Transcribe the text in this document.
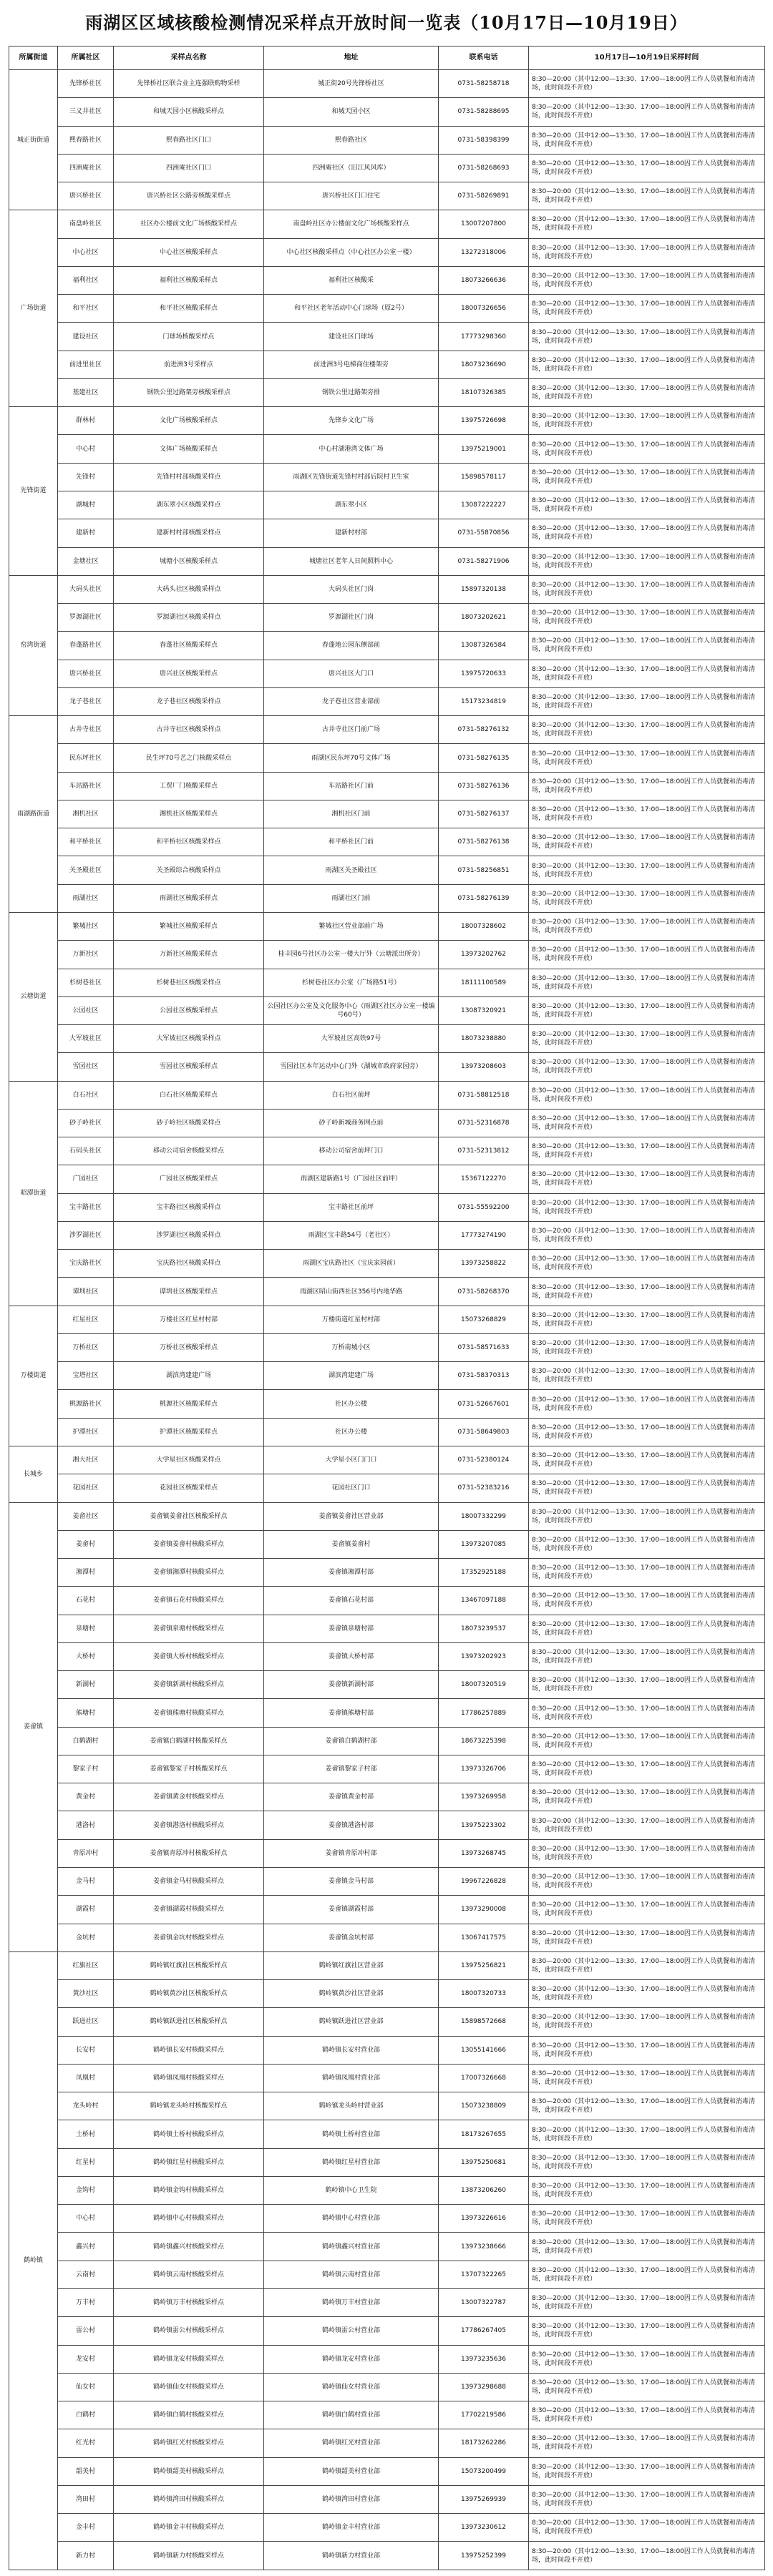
雨湖区区域核酸检测情况采样点开放时间一览表（10月17日—10月19日）
所属街道	所属社区	采样点名称	地址	联系电话	10月17日—10月19日采样时间
城正街街道	先锋桥社区	先锋桥社区联合业主连强联购物采样	城正街20号先锋桥社区	0731-58258718	8:30—20:00（其中12:00—13:30、17:00—18:00因工作人员就餐和消毒清场，此时间段不开放）
	三义井社区	和城天园小区核酸采样点	和城天园小区	0731-58288695	8:30—20:00（其中12:00—13:30、17:00—18:00因工作人员就餐和消毒清场，此时间段不开放）
	熙春路社区	熙春路社区门口	熙春路社区	0731-58398399	8:30—20:00（其中12:00—13:30、17:00—18:00因工作人员就餐和消毒清场，此时间段不开放）
	四洲庵社区	四洲庵社区门口	四洲庵社区（旧江风风库）	0731-58268693	8:30—20:00（其中12:00—13:30、17:00—18:00因工作人员就餐和消毒清场，此时间段不开放）
	唐兴桥社区	唐兴桥社区公路旁核酸采样点	唐兴桥社区门口住宅	0731-58269891	8:30—20:00（其中12:00—13:30、17:00—18:00因工作人员就餐和消毒清场，此时间段不开放）
广场街道	南盘岭社区	社区办公楼前文化广场核酸采样点	南盘岭社区办公楼前文化广场核酸采样点	13007207800	8:30—20:00（其中12:00—13:30、17:00—18:00因工作人员就餐和消毒清场，此时间段不开放）
	中心社区	中心社区核酸采样点	中心社区核酸采样点（中心社区办公室一楼）	13272318006	8:30—20:00（其中12:00—13:30、17:00—18:00因工作人员就餐和消毒清场，此时间段不开放）
	福利社区	福利社区核酸采样点	福利社区核酸采	18073266636	8:30—20:00（其中12:00—13:30、17:00—18:00因工作人员就餐和消毒清场，此时间段不开放）
	和平社区	和平社区核酸采样点	和平社区老年活动中心门球场（原2号）	18007326656	8:30—20:00（其中12:00—13:30、17:00—18:00因工作人员就餐和消毒清场，此时间段不开放）
	建设社区	门球场核酸采样点	建设社区门球场	17773298360	8:30—20:00（其中12:00—13:30、17:00—18:00因工作人员就餐和消毒清场，此时间段不开放）
	前进里社区	前进洲3号采样点	前进洲3号电梯商住楼架旁	18073236690	8:30—20:00（其中12:00—13:30、17:00—18:00因工作人员就餐和消毒清场，此时间段不开放）
	基建社区	钢铁公里过路架旁核酸采样点	钢铁公里过路架旁排	18107326385	8:30—20:00（其中12:00—13:30、17:00—18:00因工作人员就餐和消毒清场，此时间段不开放）
先锋街道	群林村	文化广场核酸采样点	先锋乡文化广场	13975726698	8:30—20:00（其中12:00—13:30、17:00—18:00因工作人员就餐和消毒清场，此时间段不开放）
	中心村	文体广场核酸采样点	中心村湖港湾文体广场	13975219001	8:30—20:00（其中12:00—13:30、17:00—18:00因工作人员就餐和消毒清场，此时间段不开放）
	先锋村	先锋村村部核酸采样点	雨湖区先锋街道先锋村村部后院村卫生室	15898578117	8:30—20:00（其中12:00—13:30、17:00—18:00因工作人员就餐和消毒清场，此时间段不开放）
	湖城村	湖东翠小区核酸采样点	湖东翠小区	13087222227	8:30—20:00（其中12:00—13:30、17:00—18:00因工作人员就餐和消毒清场，此时间段不开放）
	建新村	建新村村部核酸采样点	建新村村部	0731-55870856	8:30—20:00（其中12:00—13:30、17:00—18:00因工作人员就餐和消毒清场，此时间段不开放）
	金塘社区	城塘小区核酸采样点	城塘社区老年人日间照料中心	0731-58271906	8:30—20:00（其中12:00—13:30、17:00—18:00因工作人员就餐和消毒清场，此时间段不开放）
窑湾街道	大码头社区	大码头社区核酸采样点	大码头社区门岗	15897320138	8:30—20:00（其中12:00—13:30、17:00—18:00因工作人员就餐和消毒清场，此时间段不开放）
	罗源湖社区	罗源湖社区核酸采样点	罗源湖社区门岗	18073202621	8:30—20:00（其中12:00—13:30、17:00—18:00因工作人员就餐和消毒清场，此时间段不开放）
	春蓬路社区	春蓬社区核酸采样点	春蓬地公园东侧部前	13087326584	8:30—20:00（其中12:00—13:30、17:00—18:00因工作人员就餐和消毒清场，此时间段不开放）
	唐兴桥社区	唐兴社区核酸采样点	唐兴社区大门口	13975720633	8:30—20:00（其中12:00—13:30、17:00—18:00因工作人员就餐和消毒清场，此时间段不开放）
	龙子巷社区	龙子巷社区核酸采样点	龙子巷社区营业部前	15173234819	8:30—20:00（其中12:00—13:30、17:00—18:00因工作人员就餐和消毒清场，此时间段不开放）
雨湖路街道	古井寺社区	古井寺社区核酸采样点	古井寺社区门前广场	0731-58276132	8:30—20:00（其中12:00—13:30、17:00—18:00因工作人员就餐和消毒清场，此时间段不开放）
	民东坪社区	民生坪70号艺之门核酸采样点	雨湖区民东坪70号文体广场	0731-58276135	8:30—20:00（其中12:00—13:30、17:00—18:00因工作人员就餐和消毒清场，此时间段不开放）
	车站路社区	工贸厂门核酸采样点	车站路社区门前	0731-58276136	8:30—20:00（其中12:00—13:30、17:00—18:00因工作人员就餐和消毒清场，此时间段不开放）
	湘机社区	湘机社区核酸采样点	湘机社区门前	0731-58276137	8:30—20:00（其中12:00—13:30、17:00—18:00因工作人员就餐和消毒清场，此时间段不开放）
	和平桥社区	和平桥社区核酸采样点	和平桥社区门前	0731-58276138	8:30—20:00（其中12:00—13:30、17:00—18:00因工作人员就餐和消毒清场，此时间段不开放）
	关圣殿社区	关圣殿综合核酸采样点	雨湖区关圣殿社区	0731-58256851	8:30—20:00（其中12:00—13:30、17:00—18:00因工作人员就餐和消毒清场，此时间段不开放）
	雨湖社区	雨湖社区核酸采样点	雨湖社区门前	0731-58276139	8:30—20:00（其中12:00—13:30、17:00—18:00因工作人员就餐和消毒清场，此时间段不开放）
云塘街道	繁城社区	繁城社区核酸采样点	繁城社区营业部前广场	18007328602	8:30—20:00（其中12:00—13:30、17:00—18:00因工作人员就餐和消毒清场，此时间段不开放）
	万新社区	万新社区核酸采样点	桂丰园6号社区办公室一楼大厅外（云塘派出所旁）	13973202762	8:30—20:00（其中12:00—13:30、17:00—18:00因工作人员就餐和消毒清场，此时间段不开放）
	杉树巷社区	杉树巷社区核酸采样点	杉树巷社区办公室（广场路51号）	18111100589	8:30—20:00（其中12:00—13:30、17:00—18:00因工作人员就餐和消毒清场，此时间段不开放）
	公园社区	公园社区核酸采样点	公园社区办公室及文化服务中心（雨湖区社区办公室一楼编号60号）	13087320921	8:30—20:00（其中12:00—13:30、17:00—18:00因工作人员就餐和消毒清场，此时间段不开放）
	大军坡社区	大军坡社区核酸采样点	大军坡社区高铁97号	18073238880	8:30—20:00（其中12:00—13:30、17:00—18:00因工作人员就餐和消毒清场，此时间段不开放）
	雪园社区	雪园社区核酸采样点	雪园社区本年运动中心门外（湖城市政府家园旁）	13973208603	8:30—20:00（其中12:00—13:30、17:00—18:00因工作人员就餐和消毒清场，此时间段不开放）
昭潭街道	白石社区	白石社区核酸采样点	白石社区前坪	0731-58812518	8:30—20:00（其中12:00—13:30、17:00—18:00因工作人员就餐和消毒清场，此时间段不开放）
	砂子岭社区	砂子岭社区核酸采样点	砂子岭新城商务网点前	0731-52316878	8:30—20:00（其中12:00—13:30、17:00—18:00因工作人员就餐和消毒清场，此时间段不开放）
	石码头社区	移动公司宿舍核酸采样点	移动公司宿舍前坪门口	0731-52313812	8:30—20:00（其中12:00—13:30、17:00—18:00因工作人员就餐和消毒清场，此时间段不开放）
	广园社区	广园社区核酸采样点	雨湖区建新路1号（广园社区前坪）	15367122270	8:30—20:00（其中12:00—13:30、17:00—18:00因工作人员就餐和消毒清场，此时间段不开放）
	宝丰路社区	宝丰路社区核酸采样点	宝丰路社区前坪	0731-55592200	8:30—20:00（其中12:00—13:30、17:00—18:00因工作人员就餐和消毒清场，此时间段不开放）
	涉罗湖社区	涉罗湖社区核酸采样点	雨湖区宝丰路54号（老社区）	17773274190	8:30—20:00（其中12:00—13:30、17:00—18:00因工作人员就餐和消毒清场，此时间段不开放）
	宝庆路社区	宝庆路社区核酸采样点	雨湖区宝庆路社区（宝庆家园前）	13973258822	8:30—20:00（其中12:00—13:30、17:00—18:00因工作人员就餐和消毒清场，此时间段不开放）
	谭圳社区	谭圳社区核酸采样点	雨湖区昭山街西社区356号内地华路	0731-58268370	8:30—20:00（其中12:00—13:30、17:00—18:00因工作人员就餐和消毒清场，此时间段不开放）
万楼街道	红星社区	万楼社区红星村村部	万楼街道红星村村部	15073268829	8:30—20:00（其中12:00—13:30、17:00—18:00因工作人员就餐和消毒清场，此时间段不开放）
	万桥社区	万桥社区核酸采样点	万桥南城小区	0731-58571633	8:30—20:00（其中12:00—13:30、17:00—18:00因工作人员就餐和消毒清场，此时间段不开放）
	宝塔社区	湖滨湾建建广场	湖滨湾建建广场	0731-58370313	8:30—20:00（其中12:00—13:30、17:00—18:00因工作人员就餐和消毒清场，此时间段不开放）
	桃源路社区	桃源社区核酸采样点	社区办公楼	0731-52667601	8:30—20:00（其中12:00—13:30、17:00—18:00因工作人员就餐和消毒清场，此时间段不开放）
	护潭社区	护潭社区核酸采样点	社区办公楼	0731-58649803	8:30—20:00（其中12:00—13:30、17:00—18:00因工作人员就餐和消毒清场，此时间段不开放）
长城乡	湘大社区	大学星社区核酸采样点	大学星小区门门口	0731-52380124	8:30—20:00（其中12:00—13:30、17:00—18:00因工作人员就餐和消毒清场，此时间段不开放）
	花园社区	花园社区核酸采样点	花园社区门口	0731-52383216	8:30—20:00（其中12:00—13:30、17:00—18:00因工作人员就餐和消毒清场，此时间段不开放）
姜畲镇	姜畲社区	姜畲镇姜畲社区核酸采样点	姜畲镇姜畲社区营业部	18007332299	8:30—20:00（其中12:00—13:30、17:00—18:00因工作人员就餐和消毒清场，此时间段不开放）
	姜畲村	姜畲镇姜畲村核酸采样点	姜畲镇姜畲村	13973207085	8:30—20:00（其中12:00—13:30、17:00—18:00因工作人员就餐和消毒清场，此时间段不开放）
	湘潭村	姜畲镇湘潭村核酸采样点	姜畲镇湘潭村部	17352925188	8:30—20:00（其中12:00—13:30、17:00—18:00因工作人员就餐和消毒清场，此时间段不开放）
	石花村	姜畲镇石花村核酸采样点	姜畲镇石花村部	13467097188	8:30—20:00（其中12:00—13:30、17:00—18:00因工作人员就餐和消毒清场，此时间段不开放）
	泉塘村	姜畲镇泉塘村核酸采样点	姜畲镇泉塘村部	18073239537	8:30—20:00（其中12:00—13:30、17:00—18:00因工作人员就餐和消毒清场，此时间段不开放）
	大桥村	姜畲镇大桥村核酸采样点	姜畲镇大桥村部	13973202923	8:30—20:00（其中12:00—13:30、17:00—18:00因工作人员就餐和消毒清场，此时间段不开放）
	新湖村	姜畲镇新湖村核酸采样点	姜畲镇新湖村部	18007320519	8:30—20:00（其中12:00—13:30、17:00—18:00因工作人员就餐和消毒清场，此时间段不开放）
	熊塘村	姜畲镇熊塘村核酸采样点	姜畲镇熊塘村部	17786257889	8:30—20:00（其中12:00—13:30、17:00—18:00因工作人员就餐和消毒清场，此时间段不开放）
	白鹤湖村	姜畲镇白鹤湖村核酸采样点	姜畲镇白鹤湖村部	18673225398	8:30—20:00（其中12:00—13:30、17:00—18:00因工作人员就餐和消毒清场，此时间段不开放）
	黎家子村	姜畲镇黎家子村核酸采样点	姜畲镇黎家子村部	13973326706	8:30—20:00（其中12:00—13:30、17:00—18:00因工作人员就餐和消毒清场，此时间段不开放）
	黄金村	姜畲镇黄金村核酸采样点	姜畲镇黄金村部	13973269958	8:30—20:00（其中12:00—13:30、17:00—18:00因工作人员就餐和消毒清场，此时间段不开放）
	港洛村	姜畲镇港洛村核酸采样点	姜畲镇港洛村部	13975223302	8:30—20:00（其中12:00—13:30、17:00—18:00因工作人员就餐和消毒清场，此时间段不开放）
	青原冲村	姜畲镇青原冲村核酸采样点	姜畲镇青原冲村部	13973268745	8:30—20:00（其中12:00—13:30、17:00—18:00因工作人员就餐和消毒清场，此时间段不开放）
	金马村	姜畲镇金马村核酸采样点	姜畲镇金马村部	19967226828	8:30—20:00（其中12:00—13:30、17:00—18:00因工作人员就餐和消毒清场，此时间段不开放）
	湖霞村	姜畲镇湖霞村核酸采样点	姜畲镇湖霞村部	13973290008	8:30—20:00（其中12:00—13:30、17:00—18:00因工作人员就餐和消毒清场，此时间段不开放）
	金坑村	姜畲镇金坑村核酸采样点	姜畲镇金坑村部	13067417575	8:30—20:00（其中12:00—13:30、17:00—18:00因工作人员就餐和消毒清场，此时间段不开放）
鹤岭镇	红旗社区	鹤岭镇红旗社区核酸采样点	鹤岭镇红旗社区营业部	13975256821	8:30—20:00（其中12:00—13:30、17:00—18:00因工作人员就餐和消毒清场，此时间段不开放）
	黄沙社区	鹤岭镇黄沙社区核酸采样点	鹤岭镇黄沙社区营业部	18007320733	8:30—20:00（其中12:00—13:30、17:00—18:00因工作人员就餐和消毒清场，此时间段不开放）
	跃进社区	鹤岭镇跃进社区核酸采样点	鹤岭镇跃进社区营业部	15898572668	8:30—20:00（其中12:00—13:30、17:00—18:00因工作人员就餐和消毒清场，此时间段不开放）
	长安村	鹤岭镇长安村核酸采样点	鹤岭镇长安村营业部	13055141666	8:30—20:00（其中12:00—13:30、17:00—18:00因工作人员就餐和消毒清场，此时间段不开放）
	凤凰村	鹤岭镇凤凰村核酸采样点	鹤岭镇凤凰村营业部	17007326668	8:30—20:00（其中12:00—13:30、17:00—18:00因工作人员就餐和消毒清场，此时间段不开放）
	龙头岭村	鹤岭镇龙头岭村核酸采样点	鹤岭镇龙头岭村营业部	15073238809	8:30—20:00（其中12:00—13:30、17:00—18:00因工作人员就餐和消毒清场，此时间段不开放）
	土桥村	鹤岭镇土桥村核酸采样点	鹤岭镇土桥村营业部	18173267655	8:30—20:00（其中12:00—13:30、17:00—18:00因工作人员就餐和消毒清场，此时间段不开放）
	红星村	鹤岭镇红星村核酸采样点	鹤岭镇红星村营业部	13975250681	8:30—20:00（其中12:00—13:30、17:00—18:00因工作人员就餐和消毒清场，此时间段不开放）
	金钩村	鹤岭镇金钩村核酸采样点	鹤岭镇中心卫生院	13873206260	8:30—20:00（其中12:00—13:30、17:00—18:00因工作人员就餐和消毒清场，此时间段不开放）
	中心村	鹤岭镇中心村核酸采样点	鹤岭镇中心村营业部	13973226616	8:30—20:00（其中12:00—13:30、17:00—18:00因工作人员就餐和消毒清场，此时间段不开放）
	鑫兴村	鹤岭镇鑫兴村核酸采样点	鹤岭镇鑫兴村营业部	13973238666	8:30—20:00（其中12:00—13:30、17:00—18:00因工作人员就餐和消毒清场，此时间段不开放）
	云南村	鹤岭镇云南村核酸采样点	鹤岭镇云南村营业部	13707322265	8:30—20:00（其中12:00—13:30、17:00—18:00因工作人员就餐和消毒清场，此时间段不开放）
	万丰村	鹤岭镇万丰村核酸采样点	鹤岭镇万丰村营业部	13007322787	8:30—20:00（其中12:00—13:30、17:00—18:00因工作人员就餐和消毒清场，此时间段不开放）
	雷公村	鹤岭镇雷公村核酸采样点	鹤岭镇雷公村营业部	17786267405	8:30—20:00（其中12:00—13:30、17:00—18:00因工作人员就餐和消毒清场，此时间段不开放）
	龙安村	鹤岭镇龙安村核酸采样点	鹤岭镇龙安村营业部	13973235636	8:30—20:00（其中12:00—13:30、17:00—18:00因工作人员就餐和消毒清场，此时间段不开放）
	仙女村	鹤岭镇仙女村核酸采样点	鹤岭镇仙女村营业部	13973298688	8:30—20:00（其中12:00—13:30、17:00—18:00因工作人员就餐和消毒清场，此时间段不开放）
	白鹤村	鹤岭镇白鹤村核酸采样点	鹤岭镇白鹤村营业部	17702219586	8:30—20:00（其中12:00—13:30、17:00—18:00因工作人员就餐和消毒清场，此时间段不开放）
	红光村	鹤岭镇红光村核酸采样点	鹤岭镇红光村营业部	18173262286	8:30—20:00（其中12:00—13:30、17:00—18:00因工作人员就餐和消毒清场，此时间段不开放）
	韶美村	鹤岭镇韶美村核酸采样点	鹤岭镇韶美村营业部	15073200499	8:30—20:00（其中12:00—13:30、17:00—18:00因工作人员就餐和消毒清场，此时间段不开放）
	湾田村	鹤岭镇湾田村核酸采样点	鹤岭镇湾田村营业部	13975269939	8:30—20:00（其中12:00—13:30、17:00—18:00因工作人员就餐和消毒清场，此时间段不开放）
	金丰村	鹤岭镇金丰村核酸采样点	鹤岭镇金丰村营业部	13973230612	8:30—20:00（其中12:00—13:30、17:00—18:00因工作人员就餐和消毒清场，此时间段不开放）
	新力村	鹤岭镇新力村核酸采样点	鹤岭镇新力村营业部	13975252399	8:30—20:00（其中12:00—13:30、17:00—18:00因工作人员就餐和消毒清场，此时间段不开放）
